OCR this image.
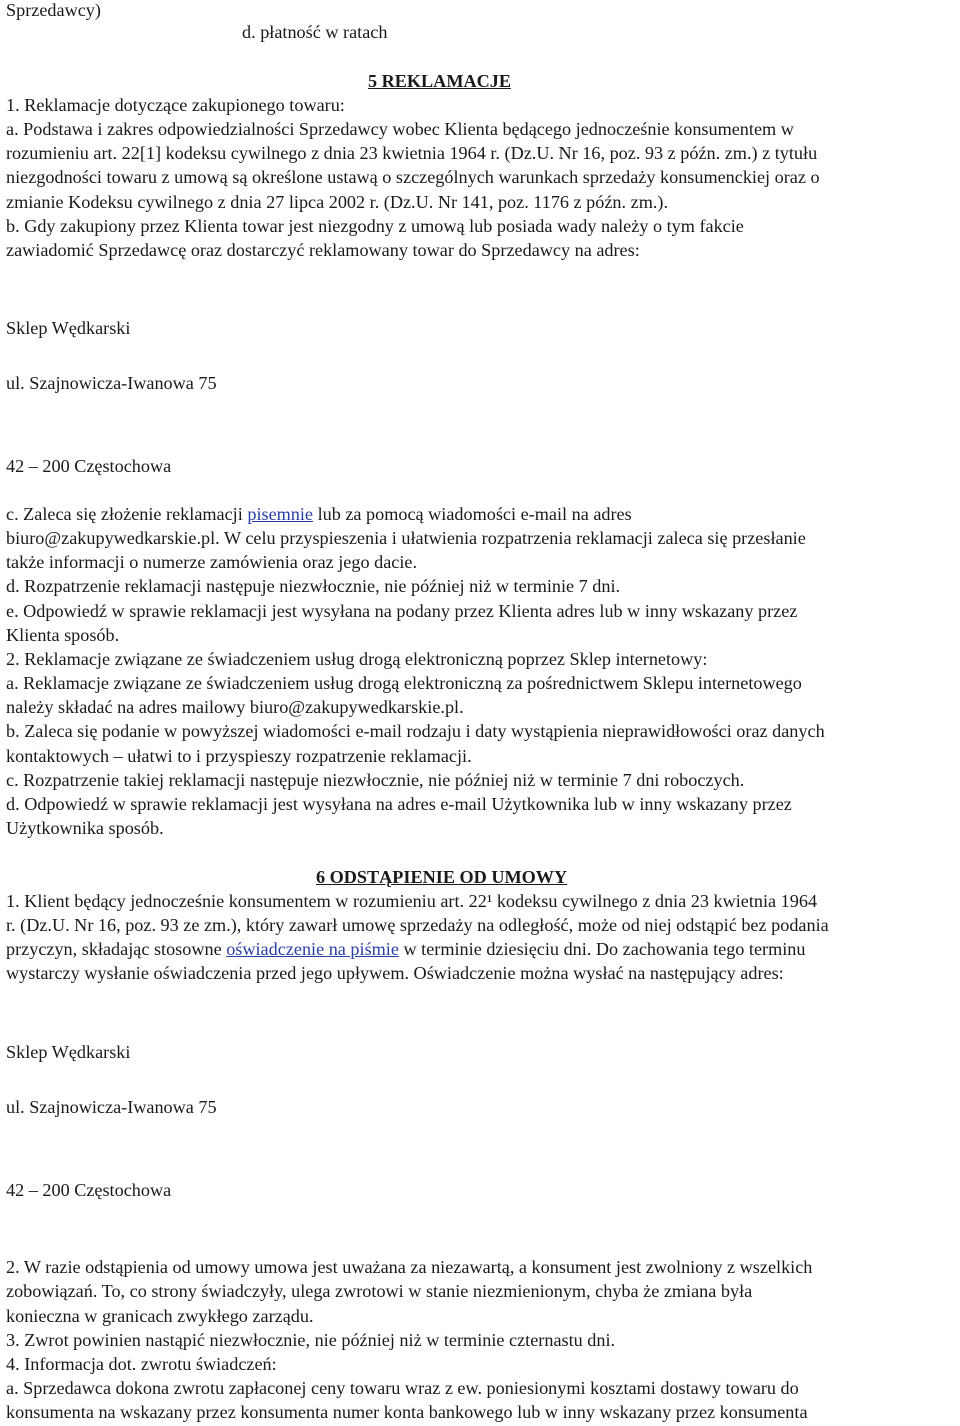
Sprzedawcy)
d. płatność w ratach
5 REKLAMACJE
1. Reklamacje dotyczące zakupionego towaru:
a. Podstawa i zakres odpowiedzialności Sprzedawcy wobec Klienta będącego jednocześnie konsumentem w
rozumieniu art. 22[1] kodeksu cywilnego z dnia 23 kwietnia 1964 r. (Dz.U. Nr 16, poz. 93 z późn. zm.) z tytułu
niezgodności towaru z umową są określone ustawą o szczególnych warunkach sprzedaży konsumenckiej oraz o
zmianie Kodeksu cywilnego z dnia 27 lipca 2002 r. (Dz.U. Nr 141, poz. 1176 z późn. zm.).
b. Gdy zakupiony przez Klienta towar jest niezgodny z umową lub posiada wady należy o tym fakcie
zawiadomić Sprzedawcę oraz dostarczyć reklamowany towar do Sprzedawcy na adres:
Sklep Wędkarski
ul. Szajnowicza-Iwanowa 75
42 – 200 Częstochowa
c. Zaleca się złożenie reklamacji pisemnie lub za pomocą wiadomości e-mail na adres
biuro@zakupywedkarskie.pl. W celu przyspieszenia i ułatwienia rozpatrzenia reklamacji zaleca się przesłanie
także informacji o numerze zamówienia oraz jego dacie.
d. Rozpatrzenie reklamacji następuje niezwłocznie, nie później niż w terminie 7 dni.
e. Odpowiedź w sprawie reklamacji jest wysyłana na podany przez Klienta adres lub w inny wskazany przez
Klienta sposób.
2. Reklamacje związane ze świadczeniem usług drogą elektroniczną poprzez Sklep internetowy:
a. Reklamacje związane ze świadczeniem usług drogą elektroniczną za pośrednictwem Sklepu internetowego
należy składać na adres mailowy biuro@zakupywedkarskie.pl.
b. Zaleca się podanie w powyższej wiadomości e-mail rodzaju i daty wystąpienia nieprawidłowości oraz danych
kontaktowych – ułatwi to i przyspieszy rozpatrzenie reklamacji.
c. Rozpatrzenie takiej reklamacji następuje niezwłocznie, nie później niż w terminie 7 dni roboczych.
d. Odpowiedź w sprawie reklamacji jest wysyłana na adres e-mail Użytkownika lub w inny wskazany przez
Użytkownika sposób.
6 ODSTĄPIENIE OD UMOWY
1. Klient będący jednocześnie konsumentem w rozumieniu art. 22¹ kodeksu cywilnego z dnia 23 kwietnia 1964
r. (Dz.U. Nr 16, poz. 93 ze zm.), który zawarł umowę sprzedaży na odległość, może od niej odstąpić bez podania
przyczyn, składając stosowne oświadczenie na piśmie w terminie dziesięciu dni. Do zachowania tego terminu
wystarczy wysłanie oświadczenia przed jego upływem. Oświadczenie można wysłać na następujący adres:
Sklep Wędkarski
ul. Szajnowicza-Iwanowa 75
42 – 200 Częstochowa
2. W razie odstąpienia od umowy umowa jest uważana za niezawartą, a konsument jest zwolniony z wszelkich
zobowiązań. To, co strony świadczyły, ulega zwrotowi w stanie niezmienionym, chyba że zmiana była
konieczna w granicach zwykłego zarządu.
3. Zwrot powinien nastąpić niezwłocznie, nie później niż w terminie czternastu dni.
4. Informacja dot. zwrotu świadczeń:
a. Sprzedawca dokona zwrotu zapłaconej ceny towaru wraz z ew. poniesionymi kosztami dostawy towaru do
konsumenta na wskazany przez konsumenta numer konta bankowego lub w inny wskazany przez konsumenta
